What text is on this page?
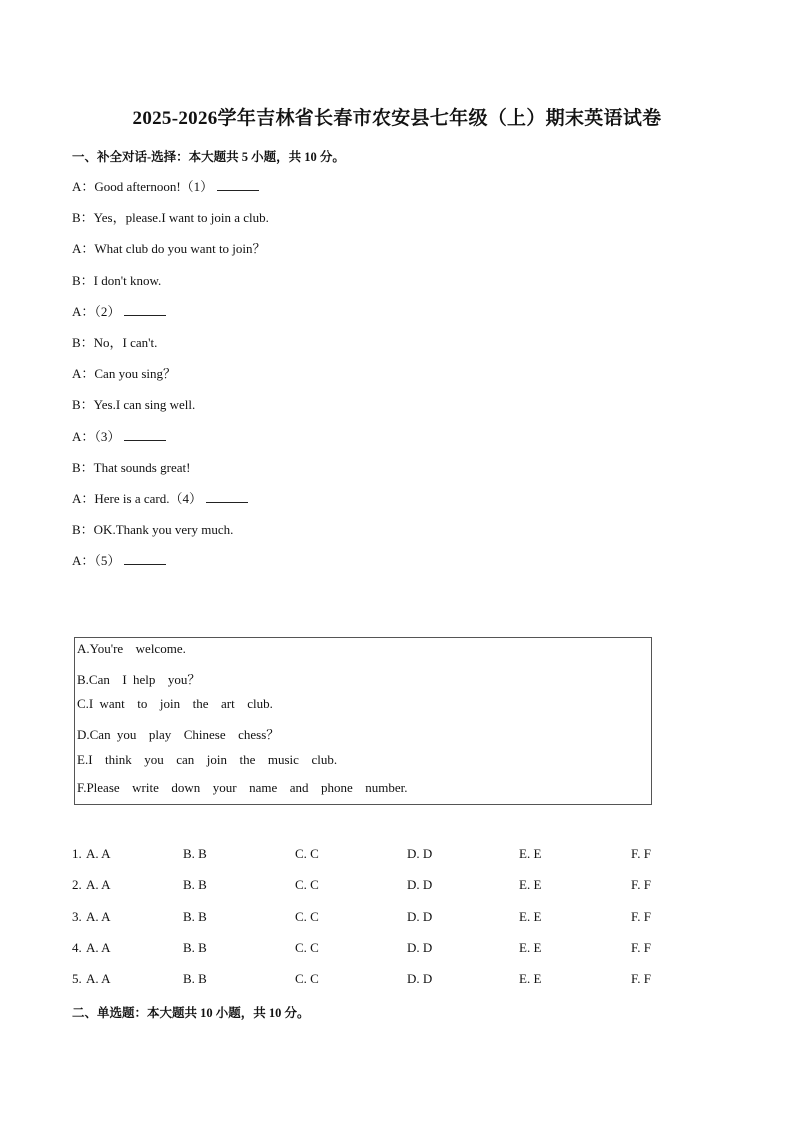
2025-2026学年吉林省长春市农安县七年级（上）期末英语试卷
一、补全对话-选择：本大题共 5 小题，共 10 分。
A：Good afternoon!（1）
B：Yes，please.I want to join a club.
A：What club do you want to join？
B：I don't know.
A：（2）
B：No，I can't.
A：Can you sing？
B：Yes.I can sing well.
A：（3）
B：That sounds great!
A：Here is a card.（4）
B：OK.Thank you very much.
A：（5）
A.You're  welcome.
B.Can  I help  you？
C.I want  to  join  the  art  club.
D.Can you  play  Chinese  chess？
E.I  think  you  can  join  the  music  club.
F.Please  write  down  your  name  and  phone  number.
1. A. A	B. B	C. C	D. D	E. E	F. F
2. A. A	B. B	C. C	D. D	E. E	F. F
3. A. A	B. B	C. C	D. D	E. E	F. F
4. A. A	B. B	C. C	D. D	E. E	F. F
5. A. A	B. B	C. C	D. D	E. E	F. F
二、单选题：本大题共 10 小题，共 10 分。
